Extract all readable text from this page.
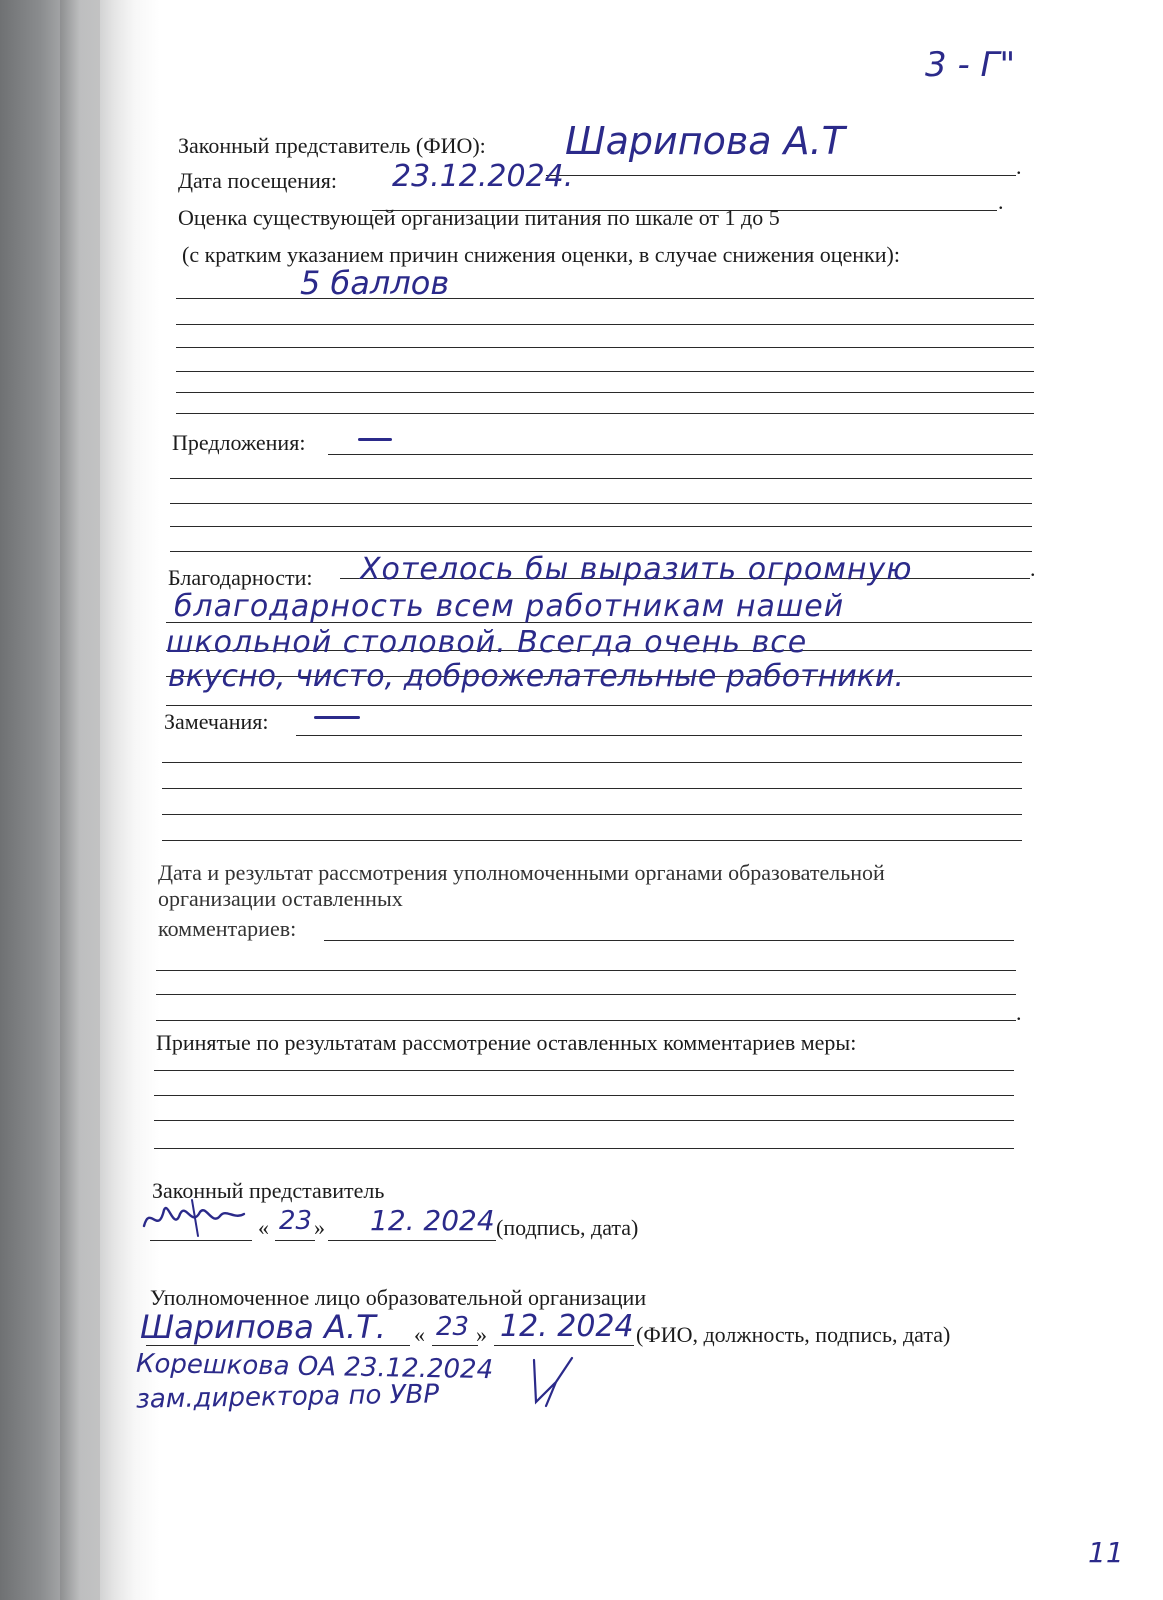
3 - Г"
Законный представитель (ФИО):
.
Шарипова А.Т
Дата посещения:
.
23.12.2024.
Оценка существующей организации питания по шкале от 1 до 5
(с кратким указанием причин снижения оценки, в случае снижения оценки):
5 баллов
Предложения:
Благодарности:	.
Хотелось бы выразить огромную
благодарность всем работникам нашей
школьной столовой. Всегда очень все
вкусно, чисто, доброжелательные работники.
Замечания:
Дата и результат рассмотрения уполномоченными органами образовательной
организации оставленных
комментариев:
.
Принятые по результатам рассмотрение оставленных комментариев меры:
Законный представитель
« 23 » 12. 2024 (подпись, дата)
Уполномоченное лицо образовательной организации
Шарипова А.Т. « 23 » 12. 2024 (ФИО, должность, подпись, дата)
Корешкова ОА 23.12.2024
зам.директора по УВР
11
